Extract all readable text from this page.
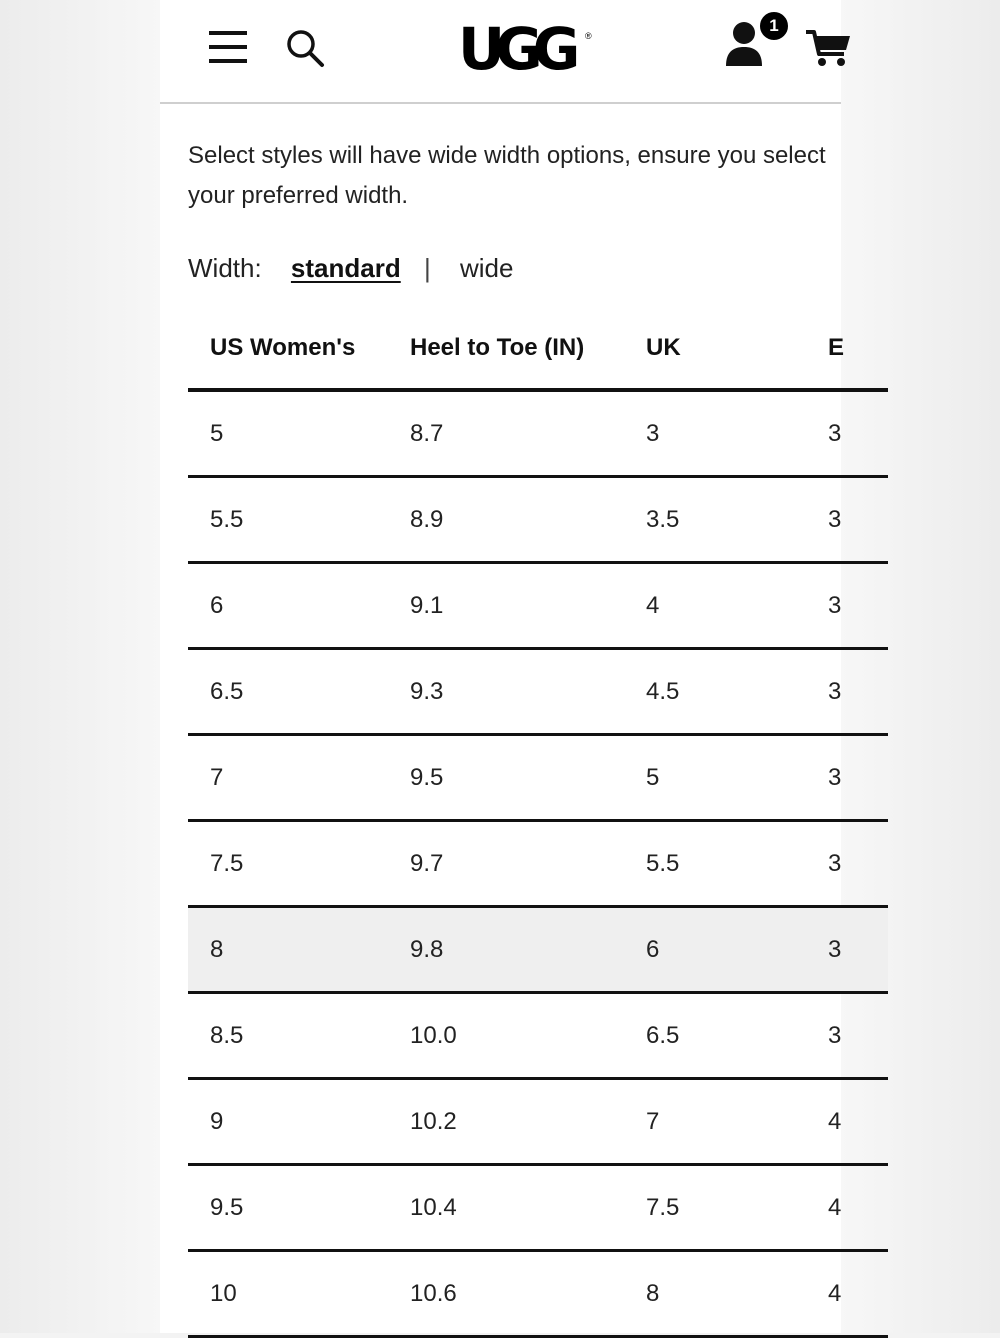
UGG ®
1

Select styles will have wide width options, ensure you select your preferred width.

Width: standard | wide
US Women's	Heel to Toe (IN)	UK	E
5	8.7	3	3
5.5	8.9	3.5	3
6	9.1	4	3
6.5	9.3	4.5	3
7	9.5	5	3
7.5	9.7	5.5	3
8	9.8	6	3
8.5	10.0	6.5	3
9	10.2	7	4
9.5	10.4	7.5	4
10	10.6	8	4
